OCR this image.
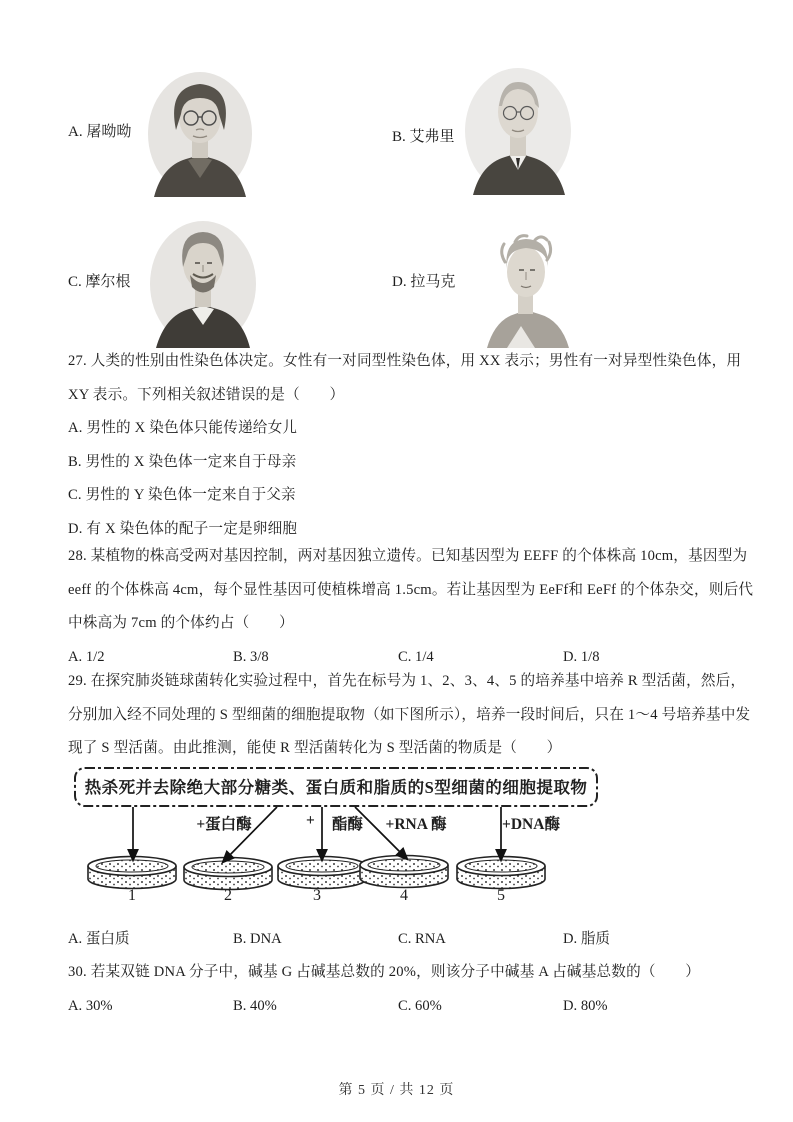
A. 屠呦呦	B. 艾弗里
C. 摩尔根	D. 拉马克
27. 人类的性别由性染色体决定。女性有一对同型性染色体，用 XX 表示；男性有一对异型性染色体，用
XY 表示。下列相关叙述错误的是（　　）
A. 男性的 X 染色体只能传递给女儿
B. 男性的 X 染色体一定来自于母亲
C. 男性的 Y 染色体一定来自于父亲
D. 有 X 染色体的配子一定是卵细胞
28. 某植物的株高受两对基因控制，两对基因独立遗传。已知基因型为 EEFF 的个体株高 10cm，基因型为
eeff 的个体株高 4cm，每个显性基因可使植株增高 1.5cm。若让基因型为 EeFf和 EeFf 的个体杂交，则后代
中株高为 7cm 的个体约占（　　）
A. 1/2	B. 3/8	C. 1/4	D. 1/8
29. 在探究肺炎链球菌转化实验过程中，首先在标号为 1、2、3、4、5 的培养基中培养 R 型活菌，然后，
分别加入经不同处理的 S 型细菌的细胞提取物（如下图所示），培养一段时间后，只在 1～4 号培养基中发
现了 S 型活菌。由此推测，能使 R 型活菌转化为 S 型活菌的物质是（　　）
热杀死并去除绝大部分糖类、蛋白质和脂质的S型细菌的细胞提取物
+蛋白酶	+ 酯酶 +RNA 酶	+DNA酶
1	2	3	4	5
A. 蛋白质	B. DNA	C. RNA	D. 脂质
30. 若某双链 DNA 分子中，碱基 G 占碱基总数的 20%，则该分子中碱基 A 占碱基总数的（　　）
A. 30%	B. 40%	C. 60%	D. 80%
第 5 页 / 共 12 页
